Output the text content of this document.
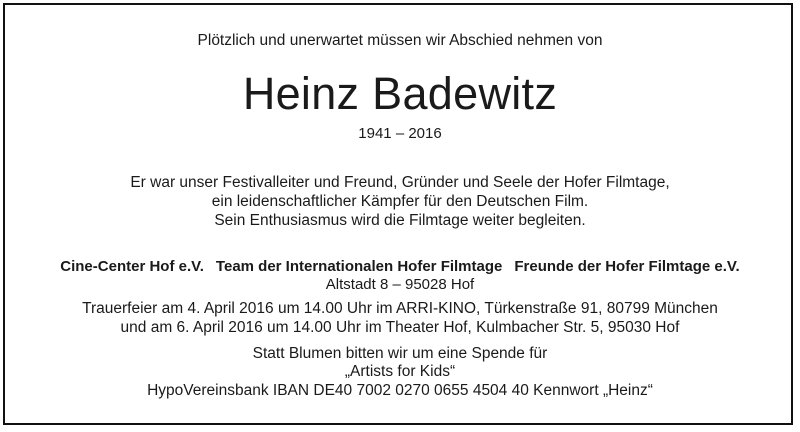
Plötzlich und unerwartet müssen wir Abschied nehmen von
Heinz Badewitz
1941 – 2016
Er war unser Festivalleiter und Freund, Gründer und Seele der Hofer Filmtage,
ein leidenschaftlicher Kämpfer für den Deutschen Film.
Sein Enthusiasmus wird die Filmtage weiter begleiten.
Cine-Center Hof e.V. Team der Internationalen Hofer Filmtage Freunde der Hofer Filmtage e.V.
Altstadt 8 – 95028 Hof
Trauerfeier am 4. April 2016 um 14.00 Uhr im ARRI-KINO, Türkenstraße 91, 80799 München
und am 6. April 2016 um 14.00 Uhr im Theater Hof, Kulmbacher Str. 5, 95030 Hof
Statt Blumen bitten wir um eine Spende für
„Artists for Kids“
HypoVereinsbank IBAN DE40 7002 0270 0655 4504 40 Kennwort „Heinz“
